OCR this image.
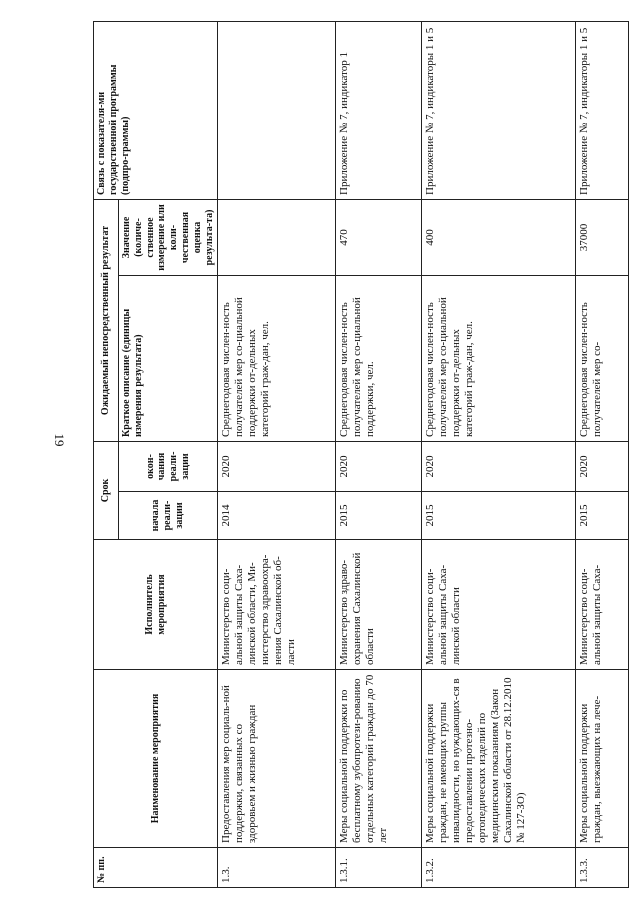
19
№ пп.	Наименование мероприятия	Исполнитель мероприятия	Срок		Ожидаемый непосредственный результат		Связь с показателя-ми государственной программы (подпро-граммы)
			начала реали-зации	окон-чания реали-зации	Краткое описание (единицы измерения результата)	Значение (количе-ственное измерение или коли-чественная оценка результа-та)	
1.3.	Предоставления мер социаль-ной поддержки, связанных со здоровьем и жизнью граждан	Министерство соци-альной защиты Саха-линской области, Ми-нистерство здравоохра-нения Сахалинской об-ласти	2014	2020	Среднегодовая числен-ность получателей мер со-циальной поддержки от-дельных категорий граж-дан, чел.		
1.3.1.	Меры социальной поддержки по бесплатному зубопротези-рованию отдельных категорий граждан до 70 лет	Министерство здраво-охранения Сахалинской области	2015	2020	Среднегодовая числен-ность получателей мер со-циальной поддержки, чел.	470	Приложение № 7, индикатор 1
1.3.2.	Меры социальной поддержки граждан, не имеющих группы инвалидности, но нуждающих-ся в предоставлении протезно-ортопедических изделий по медицинским показаниям (Закон Сахалинской области от 28.12.2010 № 127-ЗО)	Министерство соци-альной защиты Саха-линской области	2015	2020	Среднегодовая числен-ность получателей мер со-циальной поддержки от-дельных категорий граж-дан, чел.	400	Приложение № 7, индикаторы 1 и 5
1.3.3.	Меры социальной поддержки граждан, выезжающих на лече-	Министерство соци-альной защиты Саха-	2015	2020	Среднегодовая числен-ность получателей мер со-	37000	Приложение № 7, индикаторы 1 и 5
